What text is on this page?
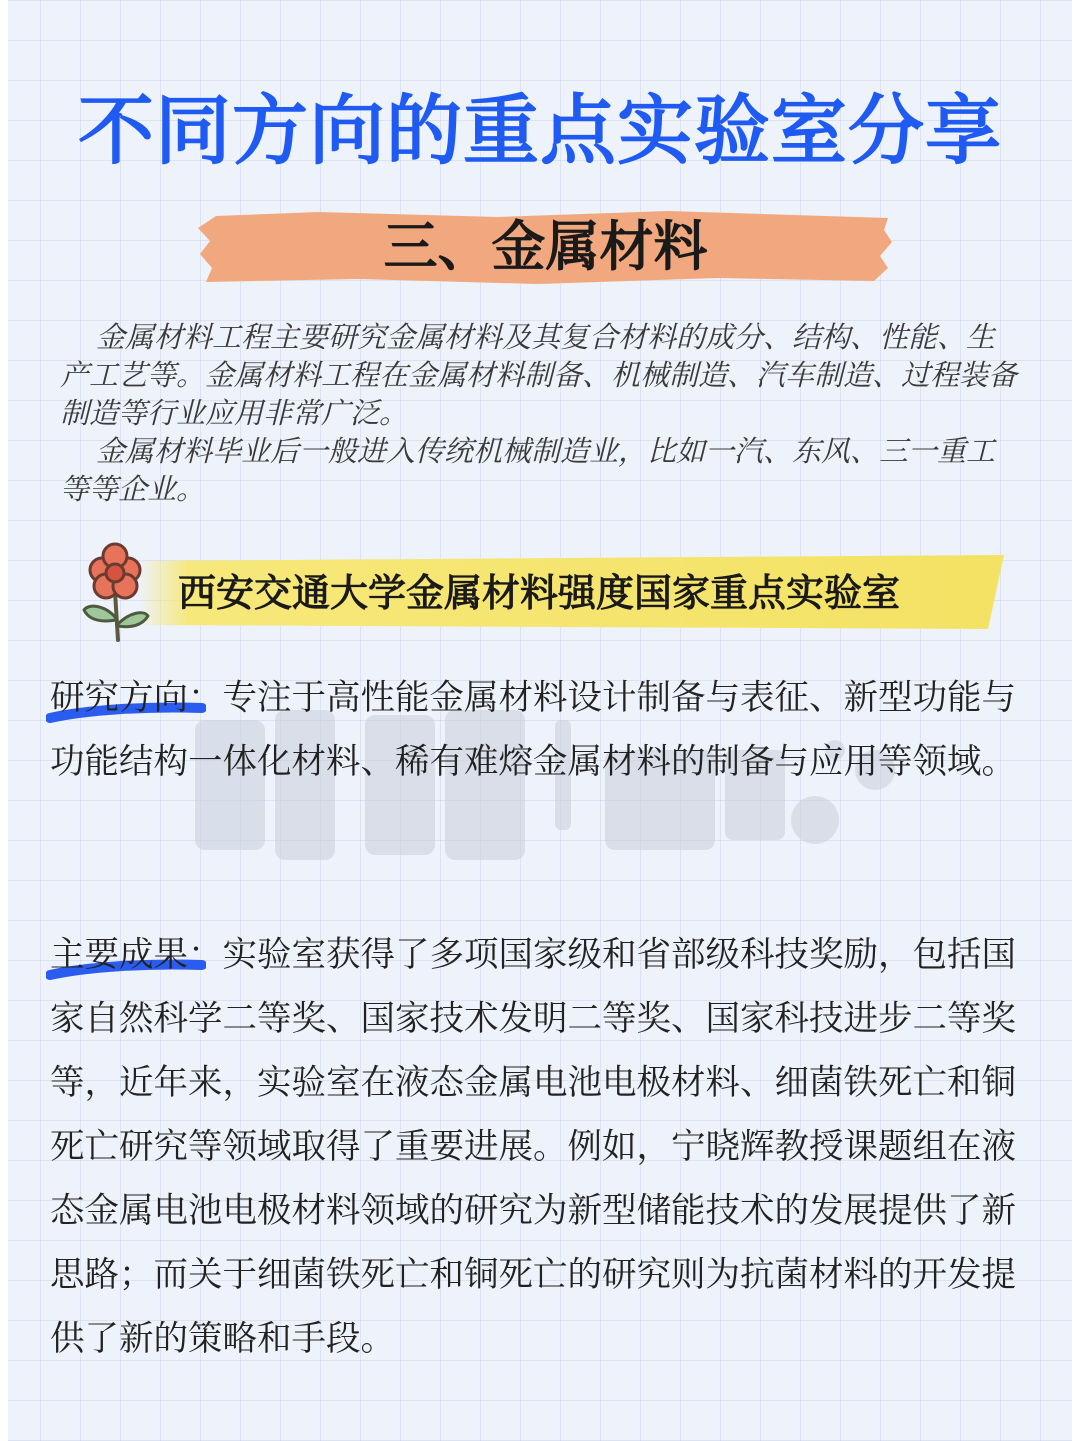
不同方向的重点实验室分享
三、金属材料

金属材料工程主要研究金属材料及其复合材料的成分、结构、性能、生产工艺等。金属材料工程在金属材料制备、机械制造、汽车制造、过程装备制造等行业应用非常广泛。

金属材料毕业后一般进入传统机械制造业，比如一汽、东风、三一重工等等企业。

西安交通大学金属材料强度国家重点实验室

研究方向：专注于高性能金属材料设计制备与表征、新型功能与功能结构一体化材料、稀有难熔金属材料的制备与应用等领域。

主要成果：实验室获得了多项国家级和省部级科技奖励，包括国家自然科学二等奖、国家技术发明二等奖、国家科技进步二等奖等，近年来，实验室在液态金属电池电极材料、细菌铁死亡和铜死亡研究等领域取得了重要进展。例如，宁晓辉教授课题组在液态金属电池电极材料领域的研究为新型储能技术的发展提供了新思路；而关于细菌铁死亡和铜死亡的研究则为抗菌材料的开发提供了新的策略和手段。
